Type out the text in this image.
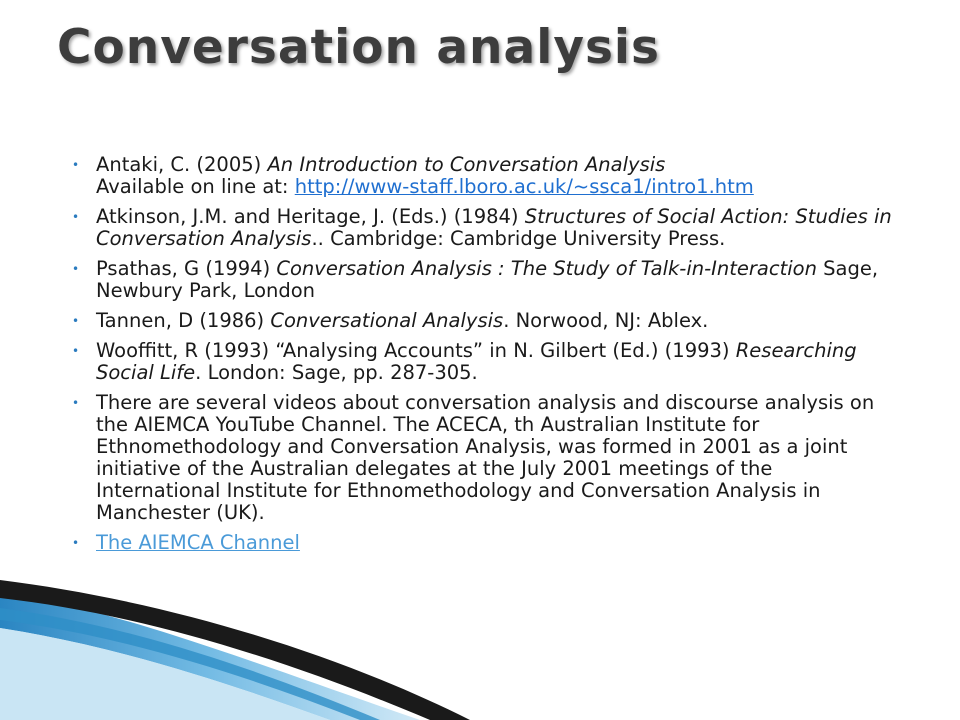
Conversation analysis
• Antaki, C. (2005) An Introduction to Conversation Analysis
Available on line at: http://www-staff.lboro.ac.uk/~ssca1/intro1.htm
• Atkinson, J.M. and Heritage, J. (Eds.) (1984) Structures of Social Action: Studies in Conversation Analysis.. Cambridge: Cambridge University Press.
• Psathas, G (1994) Conversation Analysis : The Study of Talk-in-Interaction Sage, Newbury Park, London
• Tannen, D (1986) Conversational Analysis. Norwood, NJ: Ablex.
• Wooffitt, R (1993) “Analysing Accounts” in N. Gilbert (Ed.) (1993) Researching Social Life. London: Sage, pp. 287-305.
• There are several videos about conversation analysis and discourse analysis on the AIEMCA YouTube Channel. The ACECA, th Australian Institute for Ethnomethodology and Conversation Analysis, was formed in 2001 as a joint initiative of the Australian delegates at the July 2001 meetings of the International Institute for Ethnomethodology and Conversation Analysis in Manchester (UK).
• The AIEMCA Channel
